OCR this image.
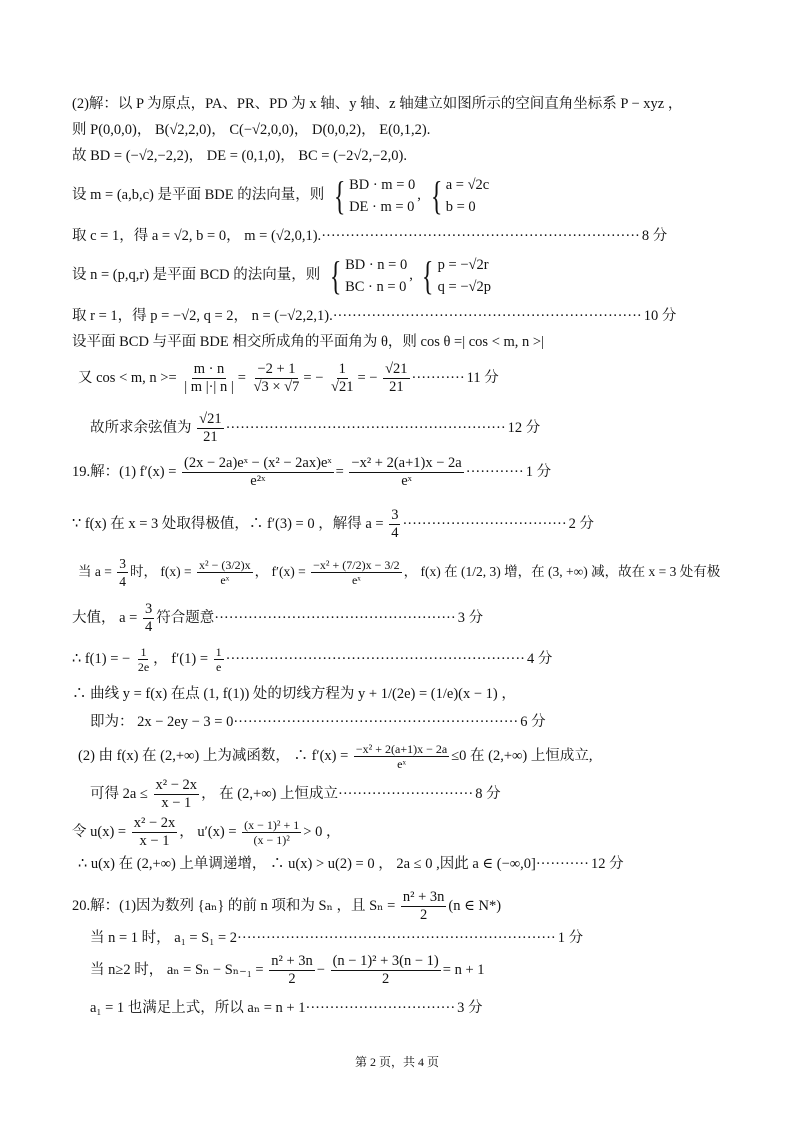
(2)解：以 P 为原点，PA、PR、PD 为 x 轴、y 轴、z 轴建立如图所示的空间直角坐标系 P − xyz ，
则 P(0,0,0)， B(√2,2,0)， C(−√2,0,0)， D(0,0,2)， E(0,1,2).
故 BD = (−√2,−2,2)， DE = (0,1,0)， BC = (−2√2,−2,0).
设 m = (a,b,c) 是平面 BDE 的法向量，则 { BD · m = 0
DE · m = 0
, { a = √2c
b = 0
取 c = 1，得 a = √2, b = 0， m = (√2,0,1).·································································· 8 分
设 n = (p,q,r) 是平面 BCD 的法向量，则 { BD · n = 0
BC · n = 0
, { p = −√2r
q = −√2p
取 r = 1，得 p = −√2, q = 2， n = (−√2,2,1).································································ 10 分
设平面 BCD 与平面 BDE 相交所成角的平面角为 θ，则 cos θ =| cos < m, n >|
又 cos < m, $n >= \frac{m \cdot n}{| m |\cdot| n |} = \frac{-2 + 1}{√3 \times √7}$ = − $\frac{1}{√21}$ = − $\frac{√21}{21}$ ··········· 11 分
故所求余弦值为 $\frac{√21}{21}$ ·························································· 12 分
19.解：(1) $f'(x) = \frac{\text{(2x − 2a)eˣ − (x² − 2ax)eˣ}}{\text{e²ˣ}} = \frac{\text{−x² + 2(a+1)x − 2a}}{\text{eˣ}}$ ············ 1 分
∵ f(x) 在 x = 3 处取得极值，∴ f′(3) = 0 ，解得 $a = \frac{3}{4}$ ·································· 2 分
当 $a = \frac{3}{4}$ 时， $f(x) = \frac{\text{x² − (3/2)x}}{\text{eˣ}}$ ， $f'(x) = \frac{\text{−x² + (7/2)x − 3/2}}{\text{eˣ}}$ ， f(x) 在 (1/2, 3) 增，在 (3, +∞) 减，故在 x = 3 处有极
大值， $a = \frac{3}{4}$ 符合题意·················································· 3 分
∴ f(1) = − $\frac{1}{2e}$ ， $f'(1) = \frac{1}{e}$ ······························································ 4 分
∴ 曲线 y = f(x) 在点 (1, f(1)) 处的切线方程为 y + 1/(2e) = (1/e)(x − 1) ，
即为： 2x − 2ey − 3 = 0··························································· 6 分
(2) 由 f(x) 在 (2,+∞) 上为减函数， ∴ $f'(x) = \frac{\text{−x² + 2(a+1)x − 2a}}{\text{eˣ}} \le 0$ 在 (2,+∞) 上恒成立,
可得 $2a \le \frac{\text{x² − 2x}}{x - 1}$ ， 在 (2,+∞) 上恒成立···························· 8 分
令 $u(x) = \frac{\text{x² − 2x}}{x - 1}$ ， $u'(x) = \frac{\text{(x − 1)² + 1}}{\text{(x − 1)²}} > 0$ ，
∴ u(x) 在 (2,+∞) 上单调递增， ∴ u(x) > u(2) = 0 ， 2a ≤ 0 ,因此 a ∈ (−∞,0]··········· 12 分
20.解：(1)因为数列 {aₙ} 的前 n 项和为 Sₙ ，且 $S_n = \frac{\text{n² + 3n}}{2} (n$ ∈ N*)
当 n = 1 时， a₁ = S₁ = 2·································································· 1 分
当 n≥2 时， $a_n = S_n - S_{n-1} = \frac{\text{n² + 3n}}{2} - \frac{\text{(n − 1)² + 3(n − 1)}}{2} = n + 1$
a₁ = 1 也满足上式，所以 aₙ = n + 1······························· 3 分
第 2 页，共 4 页
